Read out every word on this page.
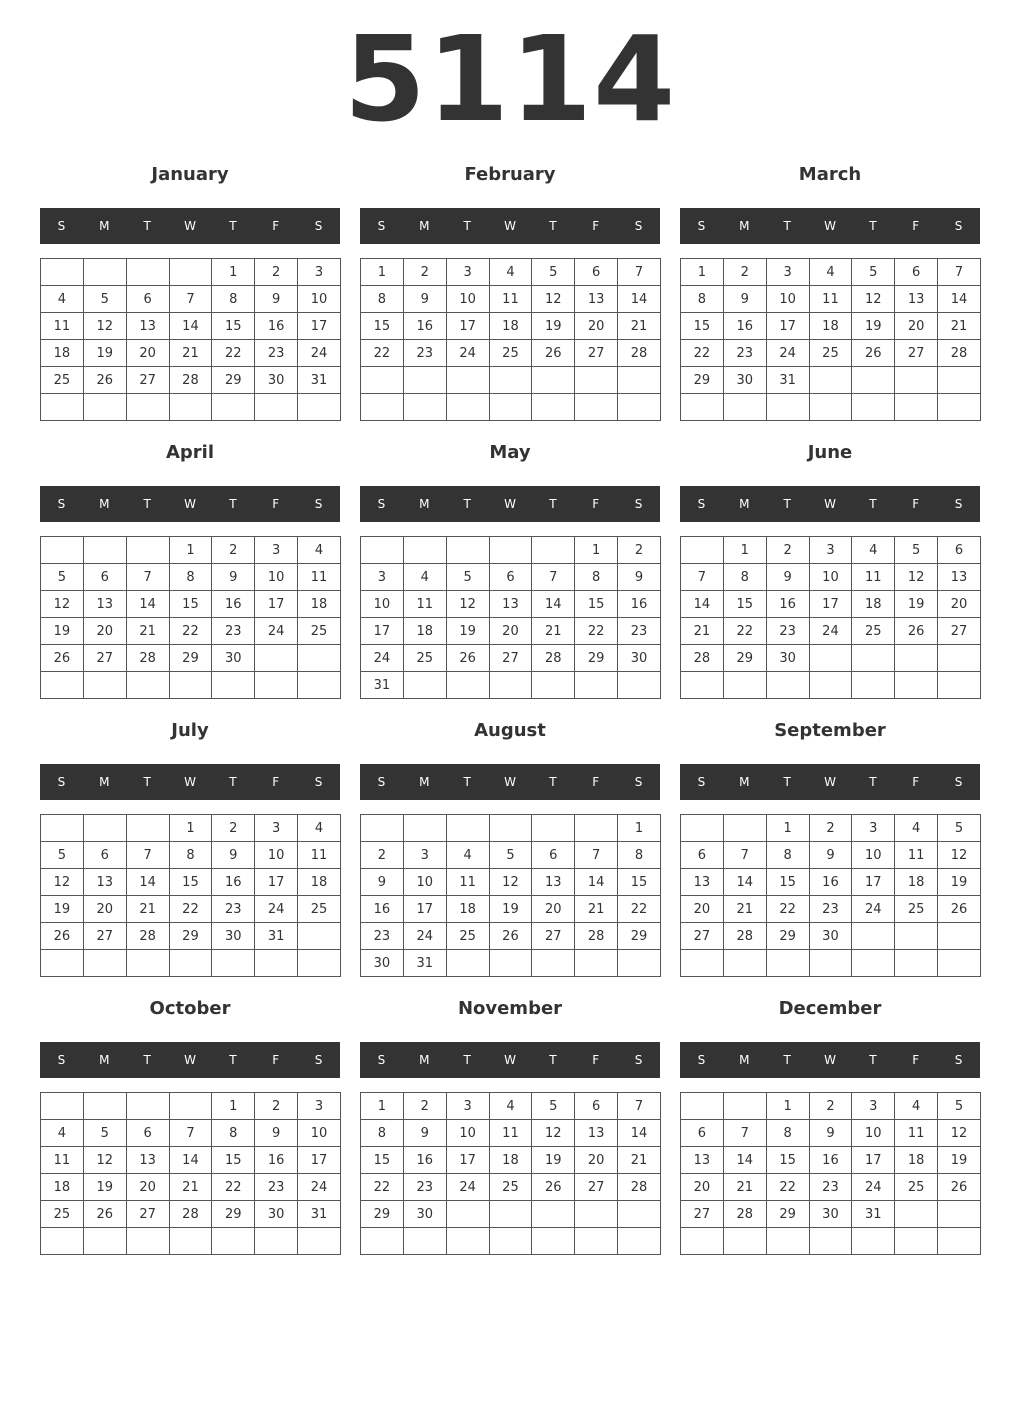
5114
January
S	M	T	W	T	F	S
				1	2	3
4	5	6	7	8	9	10
11	12	13	14	15	16	17
18	19	20	21	22	23	24
25	26	27	28	29	30	31

February
S	M	T	W	T	F	S
1	2	3	4	5	6	7
8	9	10	11	12	13	14
15	16	17	18	19	20	21
22	23	24	25	26	27	28

March
S	M	T	W	T	F	S
1	2	3	4	5	6	7
8	9	10	11	12	13	14
15	16	17	18	19	20	21
22	23	24	25	26	27	28
29	30	31				

April
S	M	T	W	T	F	S
			1	2	3	4
5	6	7	8	9	10	11
12	13	14	15	16	17	18
19	20	21	22	23	24	25
26	27	28	29	30		

May
S	M	T	W	T	F	S
					1	2
3	4	5	6	7	8	9
10	11	12	13	14	15	16
17	18	19	20	21	22	23
24	25	26	27	28	29	30
31						
June
S	M	T	W	T	F	S
	1	2	3	4	5	6
7	8	9	10	11	12	13
14	15	16	17	18	19	20
21	22	23	24	25	26	27
28	29	30				

July
S	M	T	W	T	F	S
			1	2	3	4
5	6	7	8	9	10	11
12	13	14	15	16	17	18
19	20	21	22	23	24	25
26	27	28	29	30	31	

August
S	M	T	W	T	F	S
						1
2	3	4	5	6	7	8
9	10	11	12	13	14	15
16	17	18	19	20	21	22
23	24	25	26	27	28	29
30	31					
September
S	M	T	W	T	F	S
		1	2	3	4	5
6	7	8	9	10	11	12
13	14	15	16	17	18	19
20	21	22	23	24	25	26
27	28	29	30			

October
S	M	T	W	T	F	S
				1	2	3
4	5	6	7	8	9	10
11	12	13	14	15	16	17
18	19	20	21	22	23	24
25	26	27	28	29	30	31

November
S	M	T	W	T	F	S
1	2	3	4	5	6	7
8	9	10	11	12	13	14
15	16	17	18	19	20	21
22	23	24	25	26	27	28
29	30					

December
S	M	T	W	T	F	S
		1	2	3	4	5
6	7	8	9	10	11	12
13	14	15	16	17	18	19
20	21	22	23	24	25	26
27	28	29	30	31		
